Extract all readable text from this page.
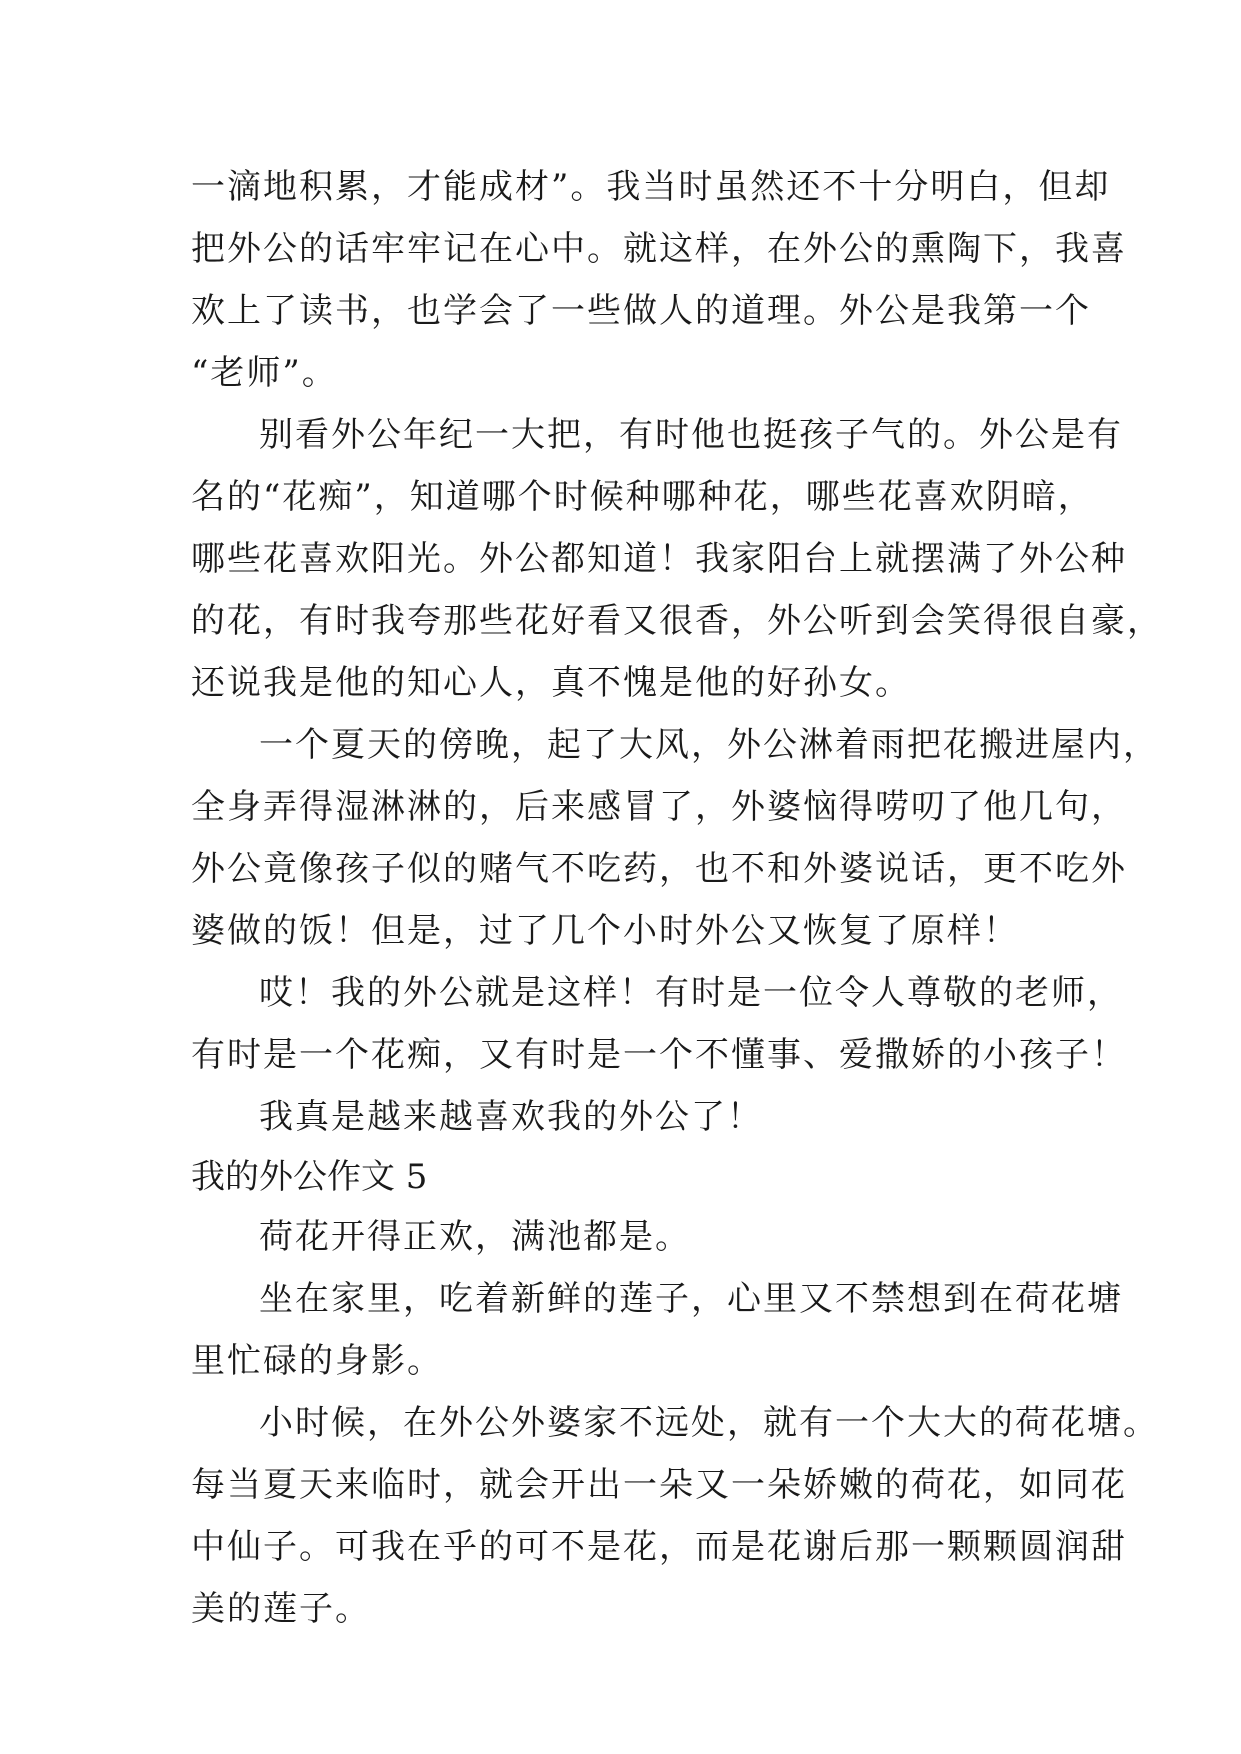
一滴地积累，才能成材”。我当时虽然还不十分明白，但却
把外公的话牢牢记在心中。就这样，在外公的熏陶下，我喜
欢上了读书，也学会了一些做人的道理。外公是我第一个
“老师”。
别看外公年纪一大把，有时他也挺孩子气的。外公是有
名的“花痴”，知道哪个时候种哪种花，哪些花喜欢阴暗，
哪些花喜欢阳光。外公都知道！我家阳台上就摆满了外公种
的花，有时我夸那些花好看又很香，外公听到会笑得很自豪，
还说我是他的知心人，真不愧是他的好孙女。
一个夏天的傍晚，起了大风，外公淋着雨把花搬进屋内，
全身弄得湿淋淋的，后来感冒了，外婆恼得唠叨了他几句，
外公竟像孩子似的赌气不吃药，也不和外婆说话，更不吃外
婆做的饭！但是，过了几个小时外公又恢复了原样！
哎！我的外公就是这样！有时是一位令人尊敬的老师，
有时是一个花痴，又有时是一个不懂事、爱撒娇的小孩子！
我真是越来越喜欢我的外公了！
我的外公作文 5
荷花开得正欢，满池都是。
坐在家里，吃着新鲜的莲子，心里又不禁想到在荷花塘
里忙碌的身影。
小时候，在外公外婆家不远处，就有一个大大的荷花塘。
每当夏天来临时，就会开出一朵又一朵娇嫩的荷花，如同花
中仙子。可我在乎的可不是花，而是花谢后那一颗颗圆润甜
美的莲子。
